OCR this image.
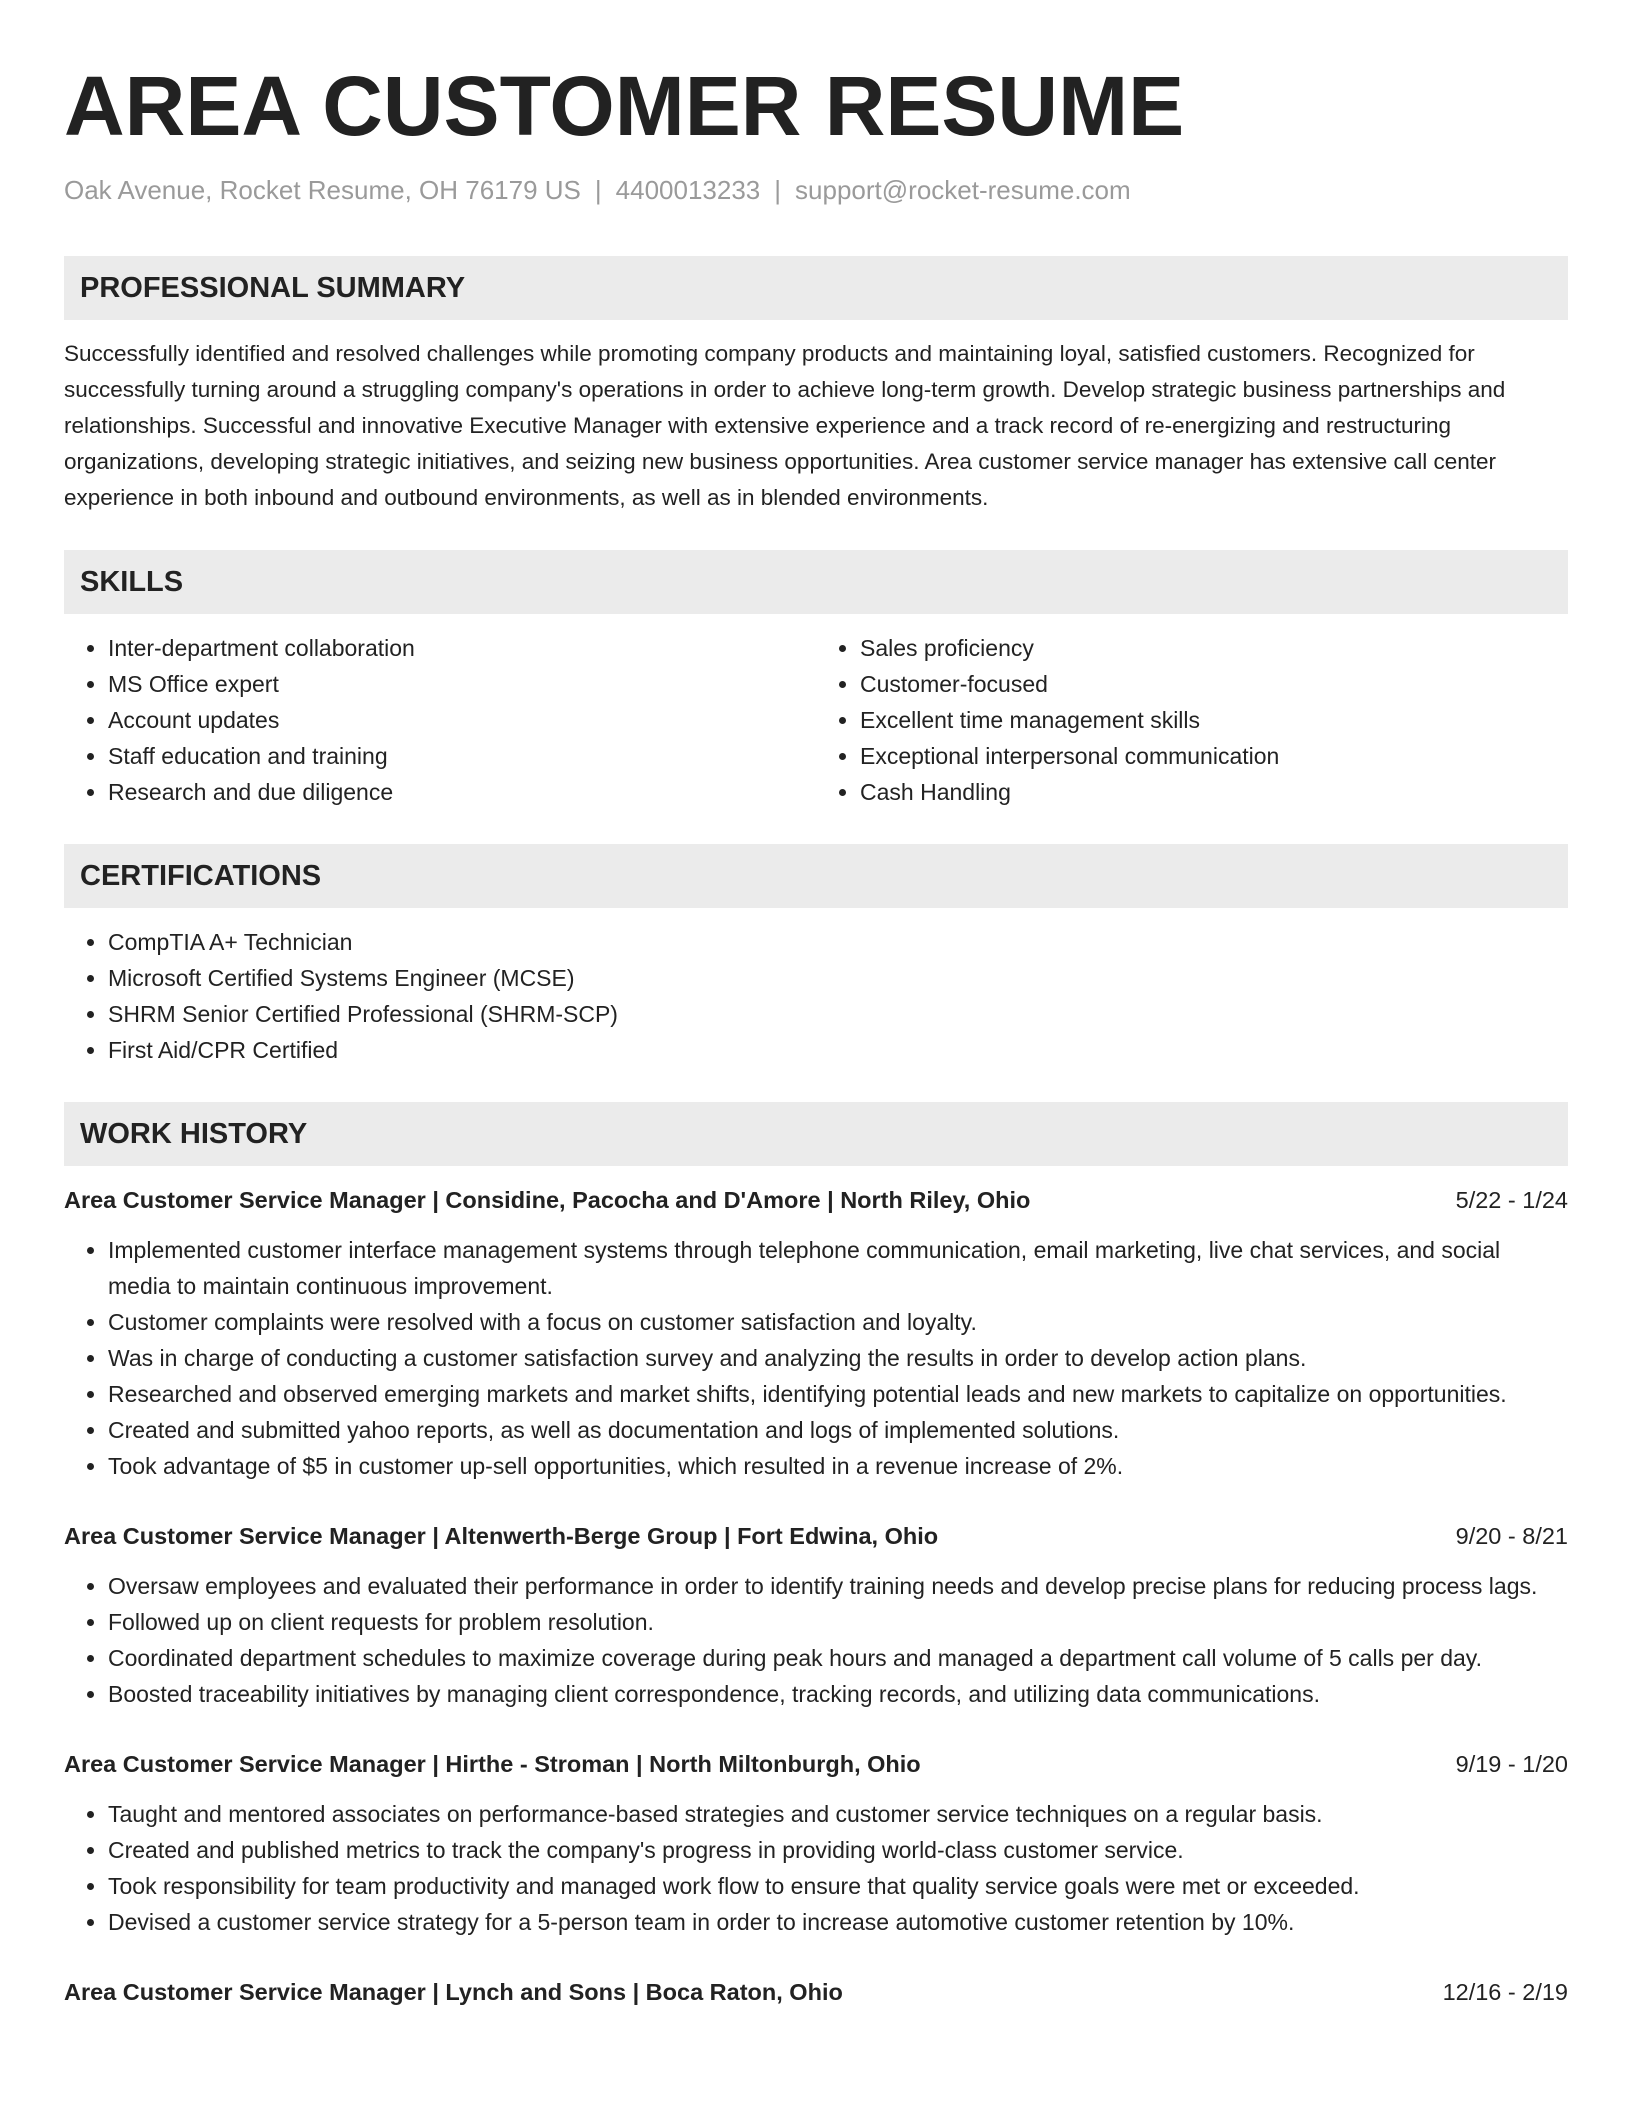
AREA CUSTOMER RESUME
Oak Avenue, Rocket Resume, OH 76179 US | 4400013233 | support@rocket-resume.com
PROFESSIONAL SUMMARY
Successfully identified and resolved challenges while promoting company products and maintaining loyal, satisfied customers. Recognized for successfully turning around a struggling company's operations in order to achieve long-term growth. Develop strategic business partnerships and relationships. Successful and innovative Executive Manager with extensive experience and a track record of re-energizing and restructuring organizations, developing strategic initiatives, and seizing new business opportunities. Area customer service manager has extensive call center experience in both inbound and outbound environments, as well as in blended environments.
SKILLS
• Inter-department collaboration
• MS Office expert
• Account updates
• Staff education and training
• Research and due diligence
• Sales proficiency
• Customer-focused
• Excellent time management skills
• Exceptional interpersonal communication
• Cash Handling
CERTIFICATIONS
• CompTIA A+ Technician
• Microsoft Certified Systems Engineer (MCSE)
• SHRM Senior Certified Professional (SHRM-SCP)
• First Aid/CPR Certified
WORK HISTORY
Area Customer Service Manager | Considine, Pacocha and D'Amore | North Riley, Ohio	5/22 - 1/24
• Implemented customer interface management systems through telephone communication, email marketing, live chat services, and social media to maintain continuous improvement.
• Customer complaints were resolved with a focus on customer satisfaction and loyalty.
• Was in charge of conducting a customer satisfaction survey and analyzing the results in order to develop action plans.
• Researched and observed emerging markets and market shifts, identifying potential leads and new markets to capitalize on opportunities.
• Created and submitted yahoo reports, as well as documentation and logs of implemented solutions.
• Took advantage of $5 in customer up-sell opportunities, which resulted in a revenue increase of 2%.
Area Customer Service Manager | Altenwerth-Berge Group | Fort Edwina, Ohio	9/20 - 8/21
• Oversaw employees and evaluated their performance in order to identify training needs and develop precise plans for reducing process lags.
• Followed up on client requests for problem resolution.
• Coordinated department schedules to maximize coverage during peak hours and managed a department call volume of 5 calls per day.
• Boosted traceability initiatives by managing client correspondence, tracking records, and utilizing data communications.
Area Customer Service Manager | Hirthe - Stroman | North Miltonburgh, Ohio	9/19 - 1/20
• Taught and mentored associates on performance-based strategies and customer service techniques on a regular basis.
• Created and published metrics to track the company's progress in providing world-class customer service.
• Took responsibility for team productivity and managed work flow to ensure that quality service goals were met or exceeded.
• Devised a customer service strategy for a 5-person team in order to increase automotive customer retention by 10%.
Area Customer Service Manager | Lynch and Sons | Boca Raton, Ohio	12/16 - 2/19
